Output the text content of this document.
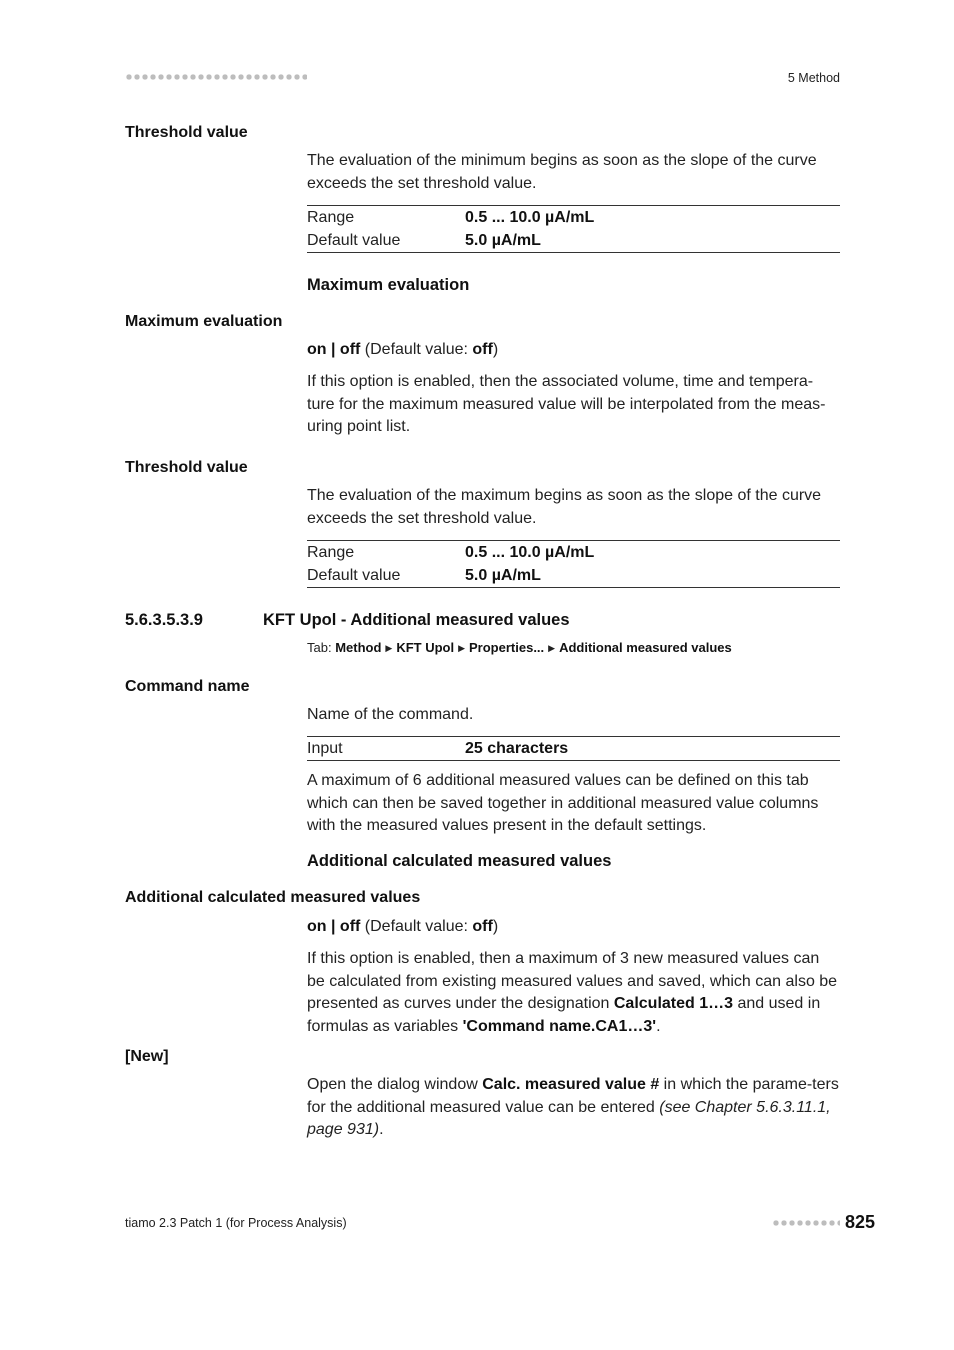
5 Method
Threshold value
The evaluation of the minimum begins as soon as the slope of the curve exceeds the set threshold value.
Range	0.5 ... 10.0 µA/mL
Default value	5.0 µA/mL
Maximum evaluation
Maximum evaluation
on | off (Default value: off)
If this option is enabled, then the associated volume, time and tempera-ture for the maximum measured value will be interpolated from the meas-uring point list.
Threshold value
The evaluation of the maximum begins as soon as the slope of the curve exceeds the set threshold value.
Range	0.5 ... 10.0 µA/mL
Default value	5.0 µA/mL
5.6.3.5.3.9	KFT Upol - Additional measured values
Tab: Method ▶ KFT Upol ▶ Properties... ▶ Additional measured values
Command name
Name of the command.
Input	25 characters
A maximum of 6 additional measured values can be defined on this tab which can then be saved together in additional measured value columns with the measured values present in the default settings.
Additional calculated measured values
Additional calculated measured values
on | off (Default value: off)
If this option is enabled, then a maximum of 3 new measured values can be calculated from existing measured values and saved, which can also be presented as curves under the designation Calculated 1…3 and used in formulas as variables 'Command name.CA1…3'.
[New]
Open the dialog window Calc. measured value # in which the parame-ters for the additional measured value can be entered (see Chapter 5.6.3.11.1, page 931).
tiamo 2.3 Patch 1 (for Process Analysis)	825
